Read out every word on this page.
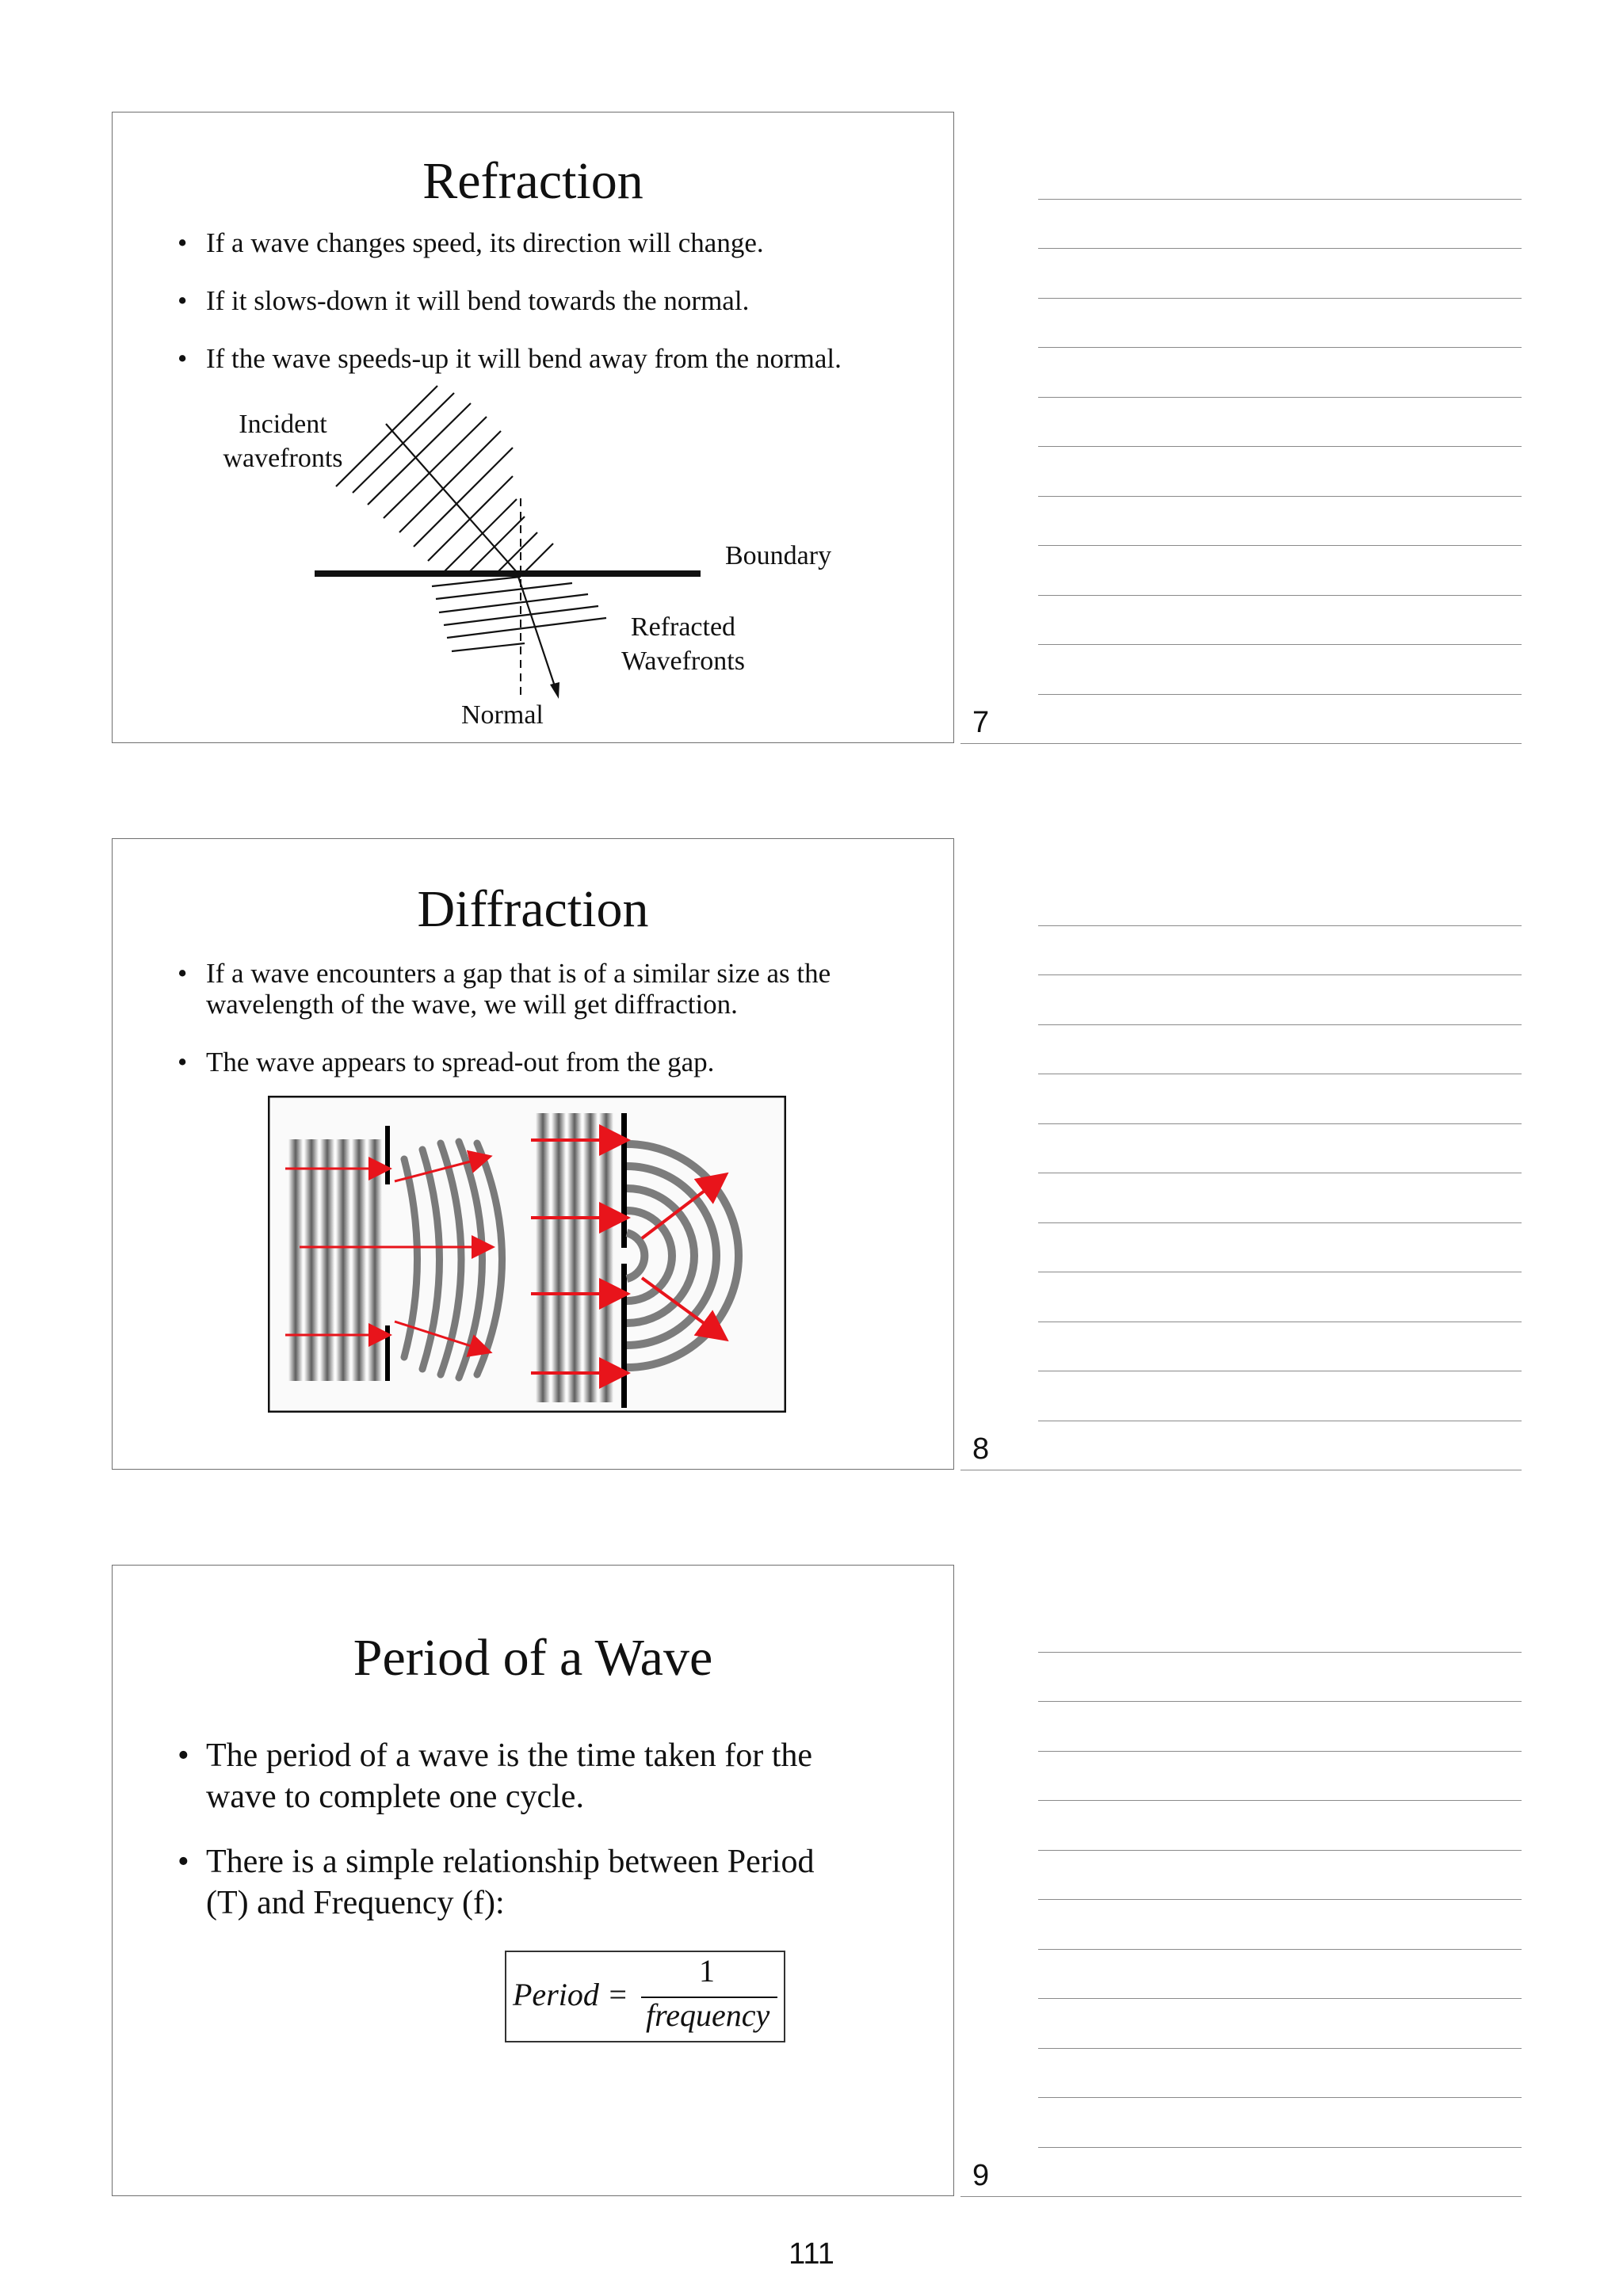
Refraction
• If a wave changes speed, its direction will change.
• If it slows-down it will bend towards the normal.
• If the wave speeds-up it will bend away from the normal.
Incident
wavefronts
Boundary
Refracted
Wavefronts
Normal	7
Diffraction
• If a wave encounters a gap that is of a similar size as the wavelength of the wave, we will get diffraction.
• The wave appears to spread-out from the gap.
8
Period of a Wave
• The period of a wave is the time taken for the wave to complete one cycle.
• There is a simple relationship between Period (T) and Frequency (f):
Period =
1
frequency
9
111
